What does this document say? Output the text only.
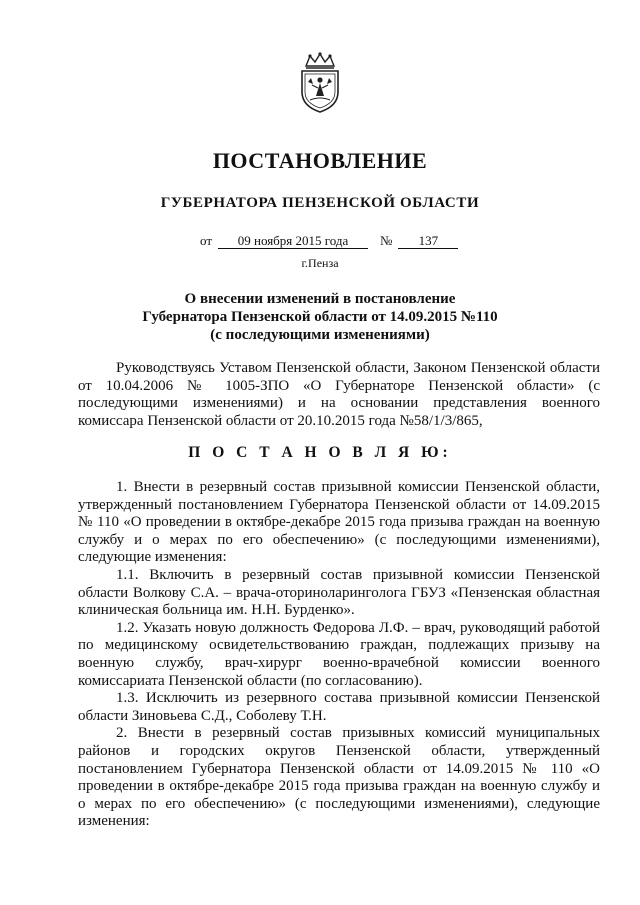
ПОСТАНОВЛЕНИЕ
ГУБЕРНАТОРА ПЕНЗЕНСКОЙ ОБЛАСТИ
от 09 ноября 2015 года № 137
г.Пенза
О внесении изменений в постановление
Губернатора Пензенской области от 14.09.2015 №110
(с последующими изменениями)

Руководствуясь Уставом Пензенской области, Законом Пензенской области от 10.04.2006 № 1005-ЗПО «О Губернаторе Пензенской области» (с последующими изменениями) и на основании представления военного комиссара Пензенской области от 20.10.2015 года №58/1/3/865,

П О С Т А Н О В Л Я Ю:

1. Внести в резервный состав призывной комиссии Пензенской области, утвержденный постановлением Губернатора Пензенской области от 14.09.2015 № 110 «О проведении в октябре-декабре 2015 года призыва граждан на военную службу и о мерах по его обеспечению» (с последующими изменениями), следующие изменения:

1.1. Включить в резервный состав призывной комиссии Пензенской области Волкову С.А. – врача-оториноларинголога ГБУЗ «Пензенская областная клиническая больница им. Н.Н. Бурденко».

1.2. Указать новую должность Федорова Л.Ф. – врач, руководящий работой по медицинскому освидетельствованию граждан, подлежащих призыву на военную службу, врач-хирург военно-врачебной комиссии военного комиссариата Пензенской области (по согласованию).

1.3. Исключить из резервного состава призывной комиссии Пензенской области Зиновьева С.Д., Соболеву Т.Н.

2. Внести в резервный состав призывных комиссий муниципальных районов и городских округов Пензенской области, утвержденный постановлением Губернатора Пензенской области от 14.09.2015 № 110 «О проведении в октябре-декабре 2015 года призыва граждан на военную службу и о мерах по его обеспечению» (с последующими изменениями), следующие изменения:
